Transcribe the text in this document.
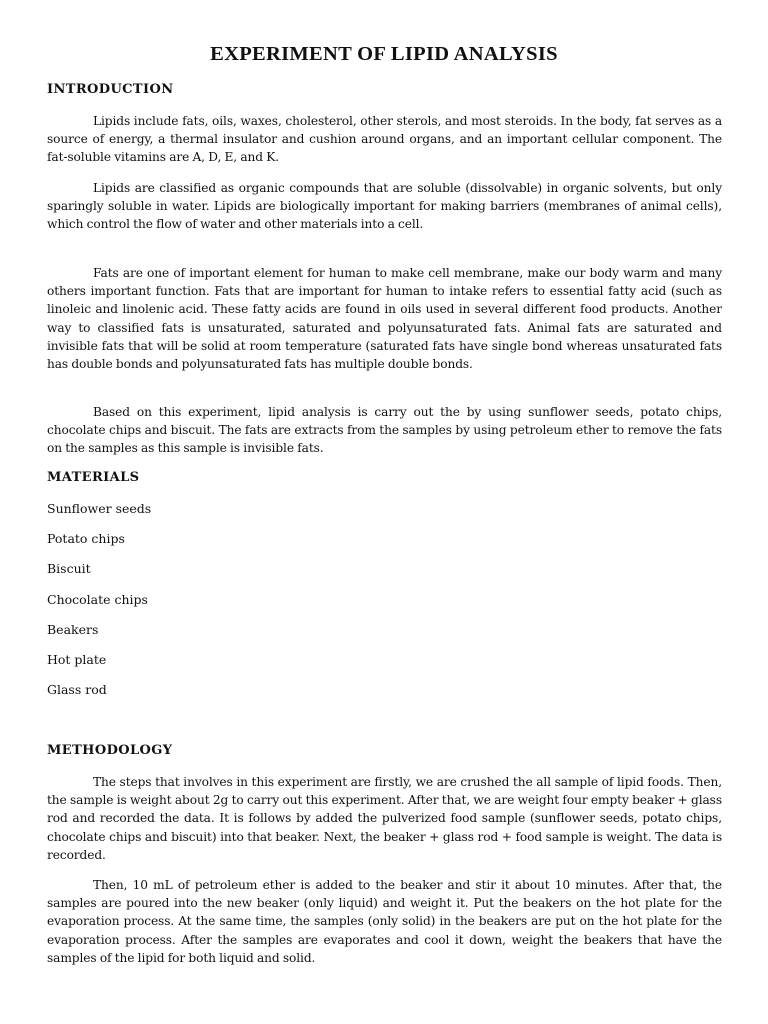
EXPERIMENT OF LIPID ANALYSIS
INTRODUCTION

Lipids include fats, oils, waxes, cholesterol, other sterols, and most steroids. In the body, fat serves as a source of energy, a thermal insulator and cushion around organs, and an important cellular component. The fat-soluble vitamins are A, D, E, and K.

Lipids are classified as organic compounds that are soluble (dissolvable) in organic solvents, but only sparingly soluble in water. Lipids are biologically important for making barriers (membranes of animal cells), which control the flow of water and other materials into a cell.

Fats are one of important element for human to make cell membrane, make our body warm and many others important function. Fats that are important for human to intake refers to essential fatty acid (such as linoleic and linolenic acid. These fatty acids are found in oils used in several different food products. Another way to classified fats is unsaturated, saturated and polyunsaturated fats. Animal fats are saturated and invisible fats that will be solid at room temperature (saturated fats have single bond whereas unsaturated fats has double bonds and polyunsaturated fats has multiple double bonds.

Based on this experiment, lipid analysis is carry out the by using sunflower seeds, potato chips, chocolate chips and biscuit. The fats are extracts from the samples by using petroleum ether to remove the fats on the samples as this sample is invisible fats.

MATERIALS

Sunflower seeds

Potato chips

Biscuit

Chocolate chips

Beakers

Hot plate

Glass rod

METHODOLOGY

The steps that involves in this experiment are firstly, we are crushed the all sample of lipid foods. Then, the sample is weight about 2g to carry out this experiment. After that, we are weight four empty beaker + glass rod and recorded the data. It is follows by added the pulverized food sample (sunflower seeds, potato chips, chocolate chips and biscuit) into that beaker. Next, the beaker + glass rod + food sample is weight. The data is recorded.

Then, 10 mL of petroleum ether is added to the beaker and stir it about 10 minutes. After that, the samples are poured into the new beaker (only liquid) and weight it. Put the beakers on the hot plate for the evaporation process. At the same time, the samples (only solid) in the beakers are put on the hot plate for the evaporation process. After the samples are evaporates and cool it down, weight the beakers that have the samples of the lipid for both liquid and solid.
